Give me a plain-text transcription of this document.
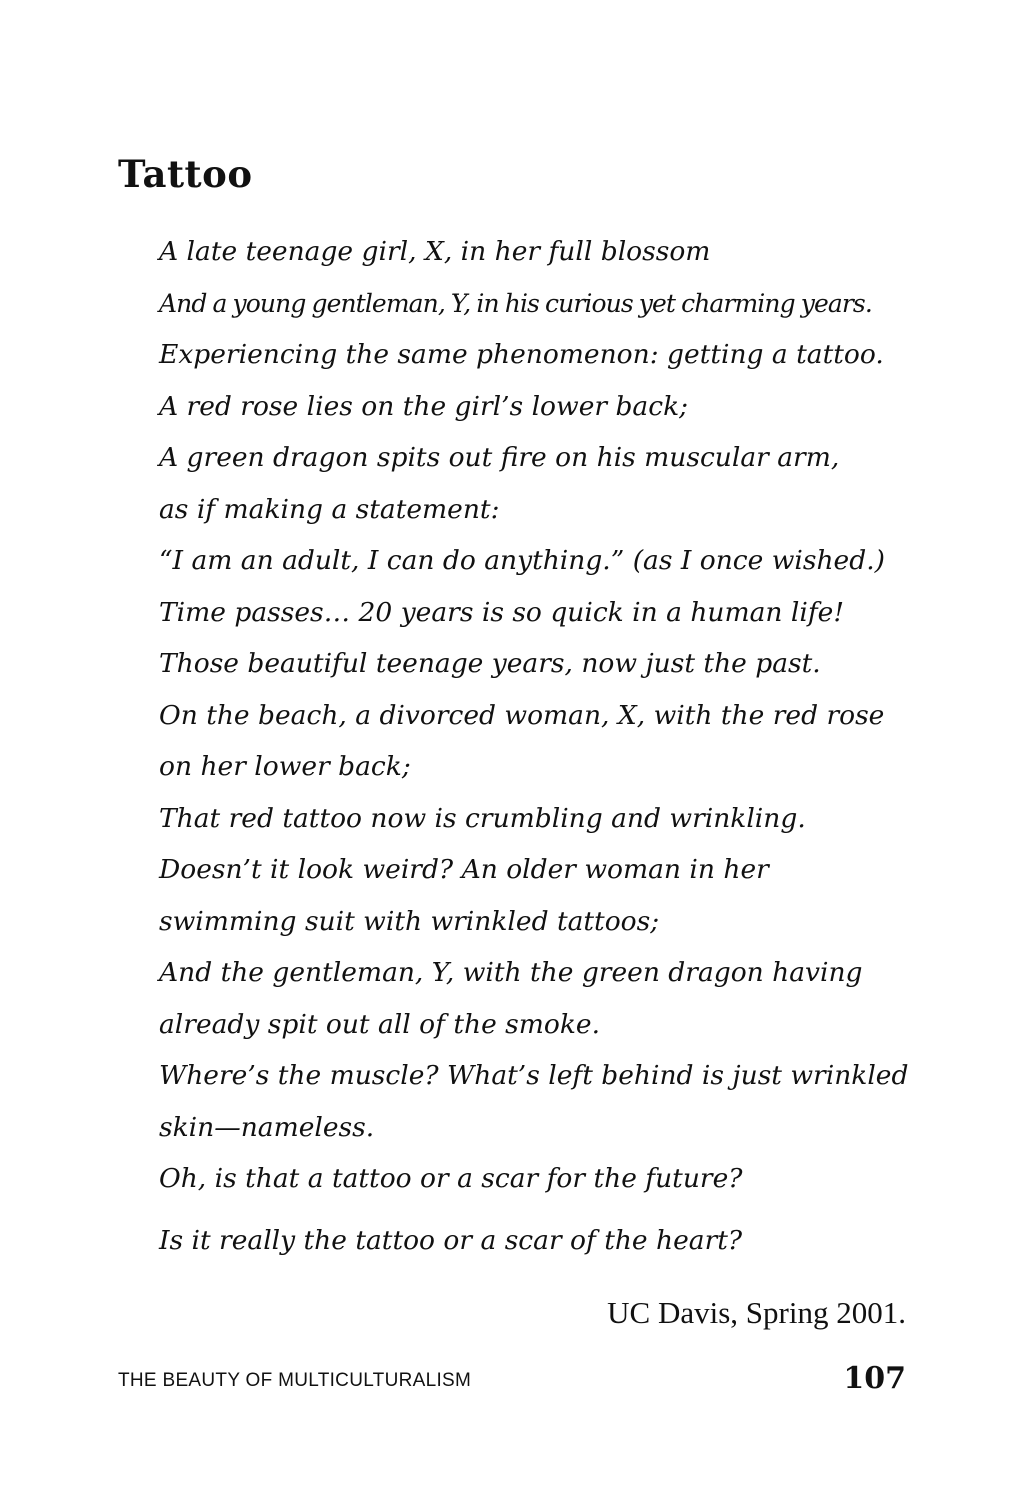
Tattoo
A late teenage girl, X, in her full blossom
And a young gentleman, Y, in his curious yet charming years.
Experiencing the same phenomenon: getting a tattoo.
A red rose lies on the girl’s lower back;
A green dragon spits out fire on his muscular arm,
as if making a statement:
“I am an adult, I can do anything.” (as I once wished.)
Time passes… 20 years is so quick in a human life!
Those beautiful teenage years, now just the past.
On the beach, a divorced woman, X, with the red rose
on her lower back;
That red tattoo now is crumbling and wrinkling.
Doesn’t it look weird? An older woman in her
swimming suit with wrinkled tattoos;
And the gentleman, Y, with the green dragon having
already spit out all of the smoke.
Where’s the muscle? What’s left behind is just wrinkled
skin—nameless.
Oh, is that a tattoo or a scar for the future?
Is it really the tattoo or a scar of the heart?

UC Davis, Spring 2001.

THE BEAUTY OF MULTICULTURALISM	107
